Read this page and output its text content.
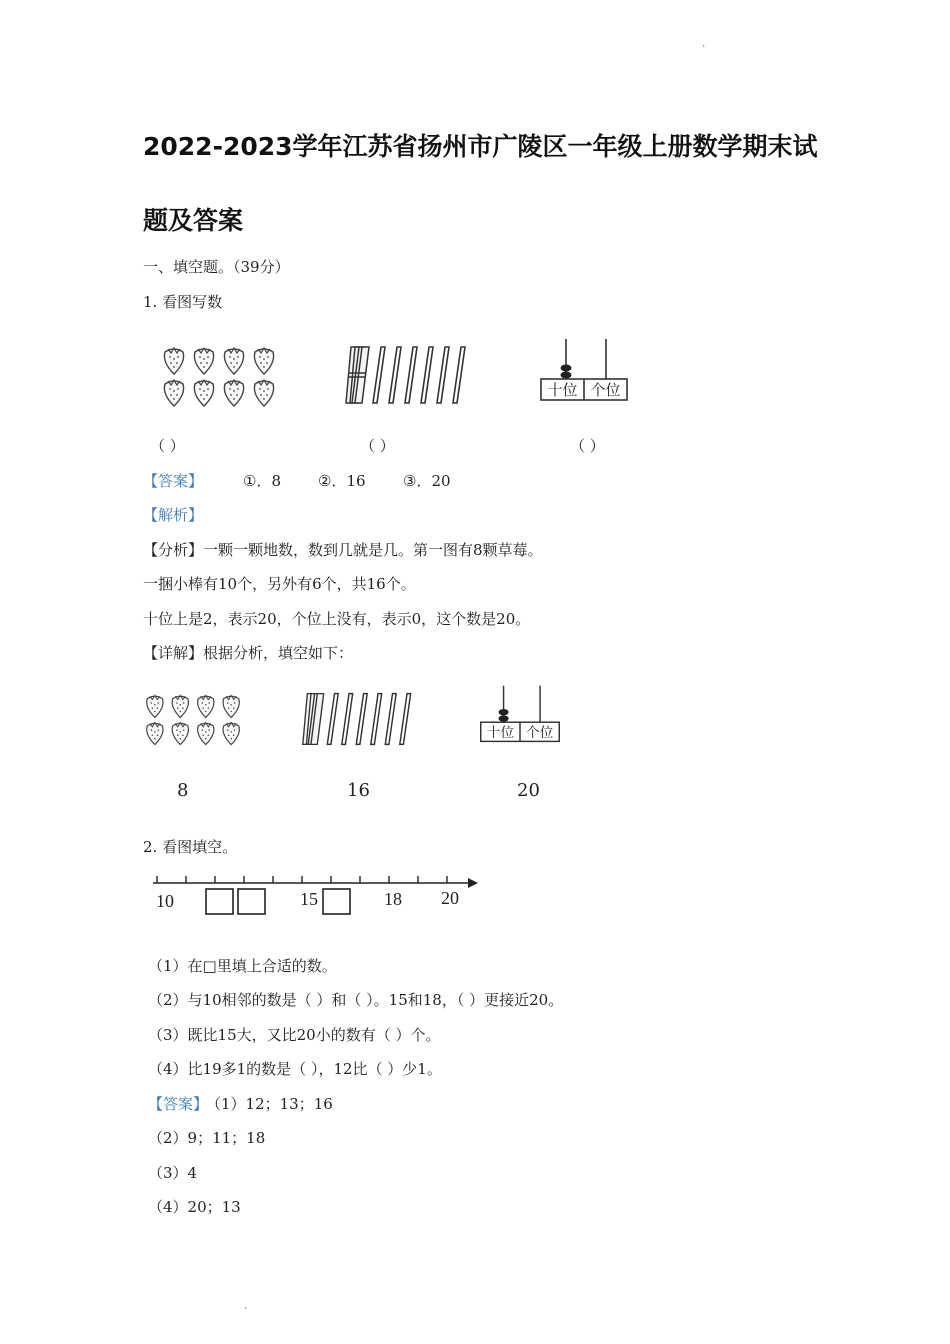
、
、
2022-2023学年江苏省扬州市广陵区一年级上册数学期末试
题及答案
一、填空题。（39分）
1. 看图写数
十位 个位
（ ）	（ ）	（ ）
【答案】	①．8 ②．16 ③．20
【解析】
【分析】一颗一颗地数，数到几就是几。第一图有8颗草莓。
一捆小棒有10个，另外有6个，共16个。
十位上是2，表示20，个位上没有，表示0，这个数是20。
【详解】根据分析，填空如下：
十位 个位
8	16	20
2. 看图填空。
10	15	18 20
（1）在□里填上合适的数。
（2）与10相邻的数是（ ）和（ ）。15和18，（ ）更接近20。
（3）既比15大，又比20小的数有（ ）个。
（4）比19多1的数是（ ），12比（ ）少1。
【答案】
（1）12；13；16
（2）9；11；18
（3）4
（4）20；13
